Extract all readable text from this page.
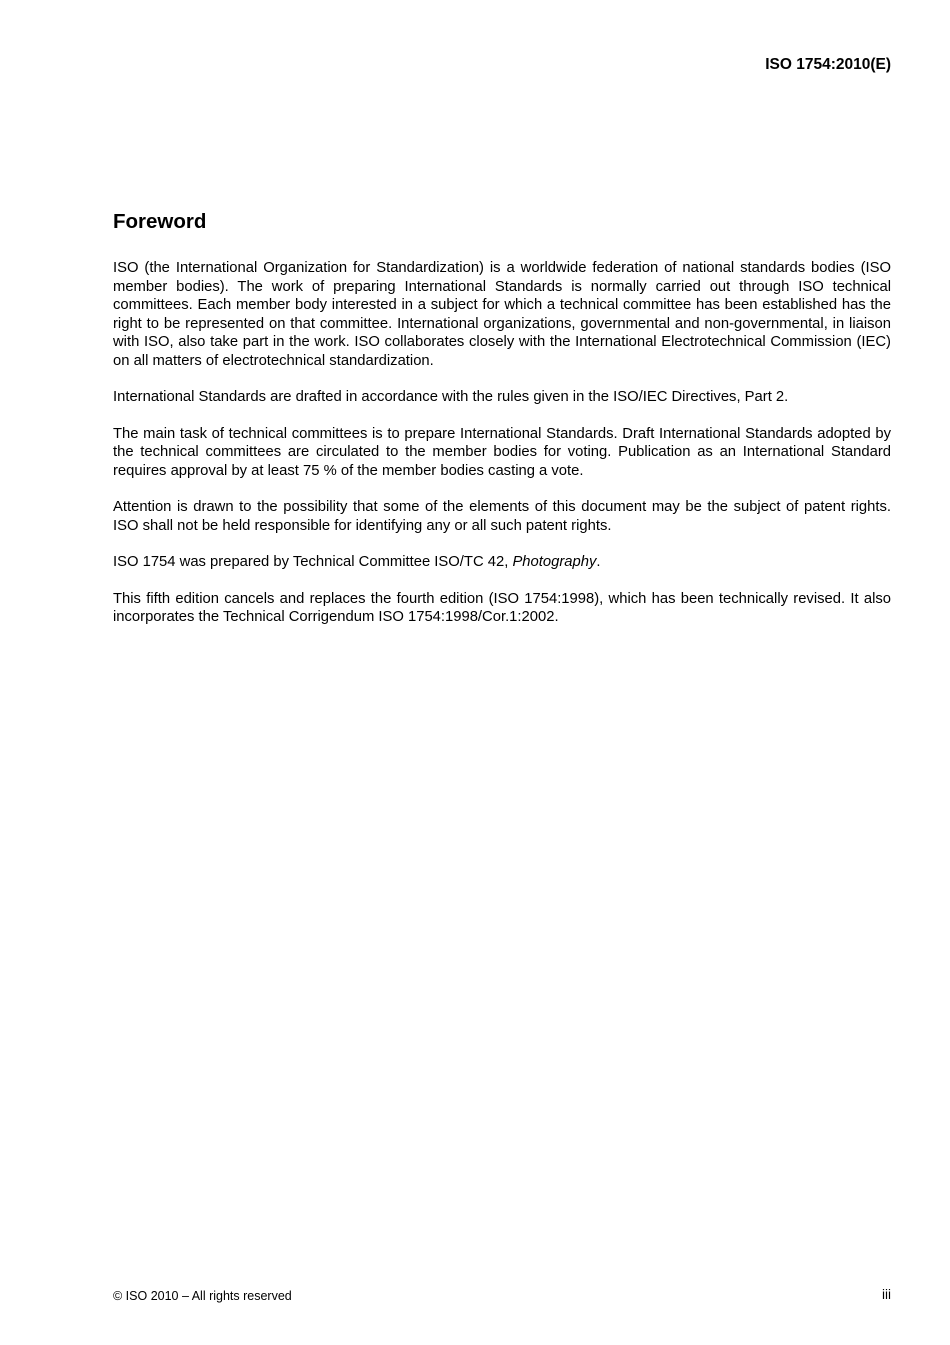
ISO 1754:2010(E)
Foreword

ISO (the International Organization for Standardization) is a worldwide federation of national standards bodies (ISO member bodies). The work of preparing International Standards is normally carried out through ISO technical committees. Each member body interested in a subject for which a technical committee has been established has the right to be represented on that committee. International organizations, governmental and non-governmental, in liaison with ISO, also take part in the work. ISO collaborates closely with the International Electrotechnical Commission (IEC) on all matters of electrotechnical standardization.

International Standards are drafted in accordance with the rules given in the ISO/IEC Directives, Part 2.

The main task of technical committees is to prepare International Standards. Draft International Standards adopted by the technical committees are circulated to the member bodies for voting. Publication as an International Standard requires approval by at least 75 % of the member bodies casting a vote.

Attention is drawn to the possibility that some of the elements of this document may be the subject of patent rights. ISO shall not be held responsible for identifying any or all such patent rights.

ISO 1754 was prepared by Technical Committee ISO/TC 42, Photography.

This fifth edition cancels and replaces the fourth edition (ISO 1754:1998), which has been technically revised. It also incorporates the Technical Corrigendum ISO 1754:1998/Cor.1:2002.

© ISO 2010 – All rights reserved	iii
